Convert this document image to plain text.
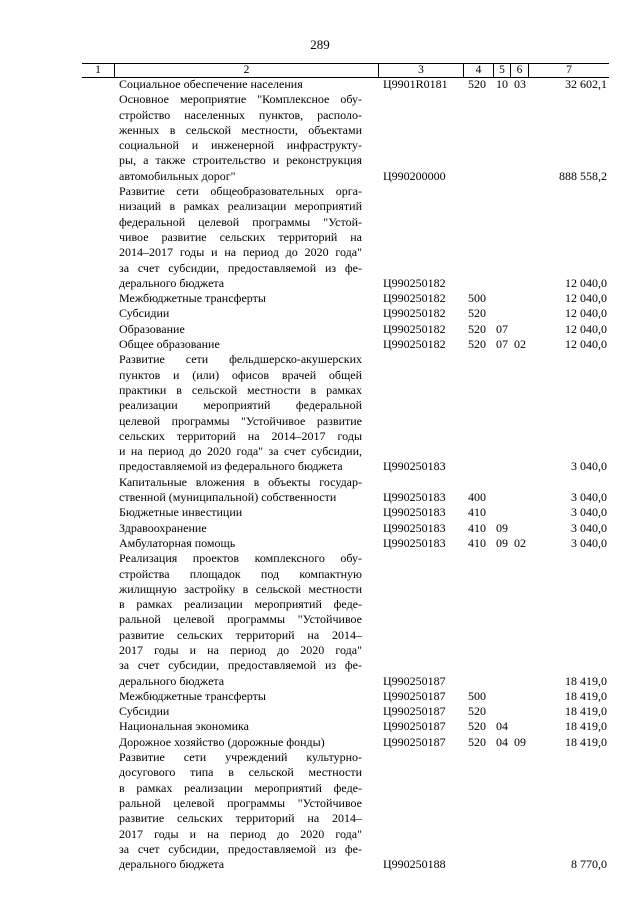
289
1	2	3	4	5	6	7
Социальное обеспечение населения	Ц9901R0181 520 10 03	32 602,1
Основное мероприятие "Комплексное обу-
стройство населенных пунктов, располо-
женных в сельской местности, объектами
социальной и инженерной инфраструкту-
ры, а также строительство и реконструкция
автомобильных дорог"	Ц990200000	888 558,2
Развитие сети общеобразовательных орга-
низаций в рамках реализации мероприятий
федеральной целевой программы "Устой-
чивое развитие сельских территорий на
2014–2017 годы и на период до 2020 года"
за счет субсидии, предоставляемой из фе-
дерального бюджета	Ц990250182	12 040,0
Межбюджетные трансферты	Ц990250182 500	12 040,0
Субсидии	Ц990250182 520	12 040,0
Образование	Ц990250182 520 07	12 040,0
Общее образование	Ц990250182 520 07 02	12 040,0
Развитие сети фельдшерско-акушерских
пунктов и (или) офисов врачей общей
практики в сельской местности в рамках
реализации мероприятий федеральной
целевой программы "Устойчивое развитие
сельских территорий на 2014–2017 годы
и на период до 2020 года" за счет субсидии,
предоставляемой из федерального бюджета	Ц990250183	3 040,0
Капитальные вложения в объекты государ-
ственной (муниципальной) собственности	Ц990250183 400	3 040,0
Бюджетные инвестиции	Ц990250183 410	3 040,0
Здравоохранение	Ц990250183 410 09	3 040,0
Амбулаторная помощь	Ц990250183 410 09 02	3 040,0
Реализация проектов комплексного обу-
стройства площадок под компактную
жилищную застройку в сельской местности
в рамках реализации мероприятий феде-
ральной целевой программы "Устойчивое
развитие сельских территорий на 2014–
2017 годы и на период до 2020 года"
за счет субсидии, предоставляемой из фе-
дерального бюджета	Ц990250187	18 419,0
Межбюджетные трансферты	Ц990250187 500	18 419,0
Субсидии	Ц990250187 520	18 419,0
Национальная экономика	Ц990250187 520 04	18 419,0
Дорожное хозяйство (дорожные фонды)	Ц990250187 520 04 09	18 419,0
Развитие сети учреждений культурно-
досугового типа в сельской местности
в рамках реализации мероприятий феде-
ральной целевой программы "Устойчивое
развитие сельских территорий на 2014–
2017 годы и на период до 2020 года"
за счет субсидии, предоставляемой из фе-
дерального бюджета	Ц990250188	8 770,0
